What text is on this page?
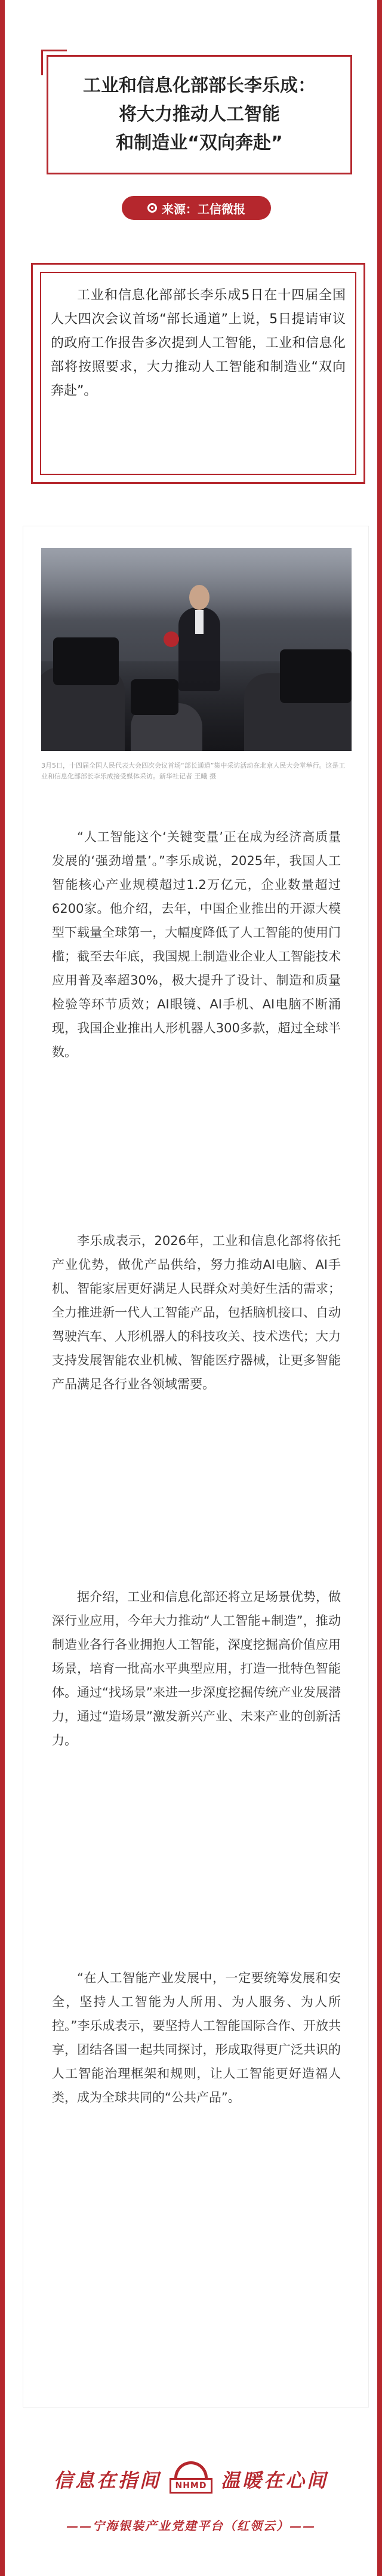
工业和信息化部部长李乐成：
将大力推动人工智能
和制造业“双向奔赴”
来源：工信微报
工业和信息化部部长李乐成5日在十四届全国人大四次会议首场“部长通道”上说，5日提请审议的政府工作报告多次提到人工智能，工业和信息化部将按照要求，大力推动人工智能和制造业“双向奔赴”。
3月5日，十四届全国人民代表大会四次会议首场“部长通道”集中采访活动在北京人民大会堂举行。这是工业和信息化部部长李乐成接受媒体采访。新华社记者 王曦 摄
“人工智能这个‘关键变量’正在成为经济高质量发展的‘强劲增量’。”李乐成说，2025年，我国人工智能核心产业规模超过1.2万亿元，企业数量超过6200家。他介绍，去年，中国企业推出的开源大模型下载量全球第一，大幅度降低了人工智能的使用门槛；截至去年底，我国规上制造业企业人工智能技术应用普及率超30%，极大提升了设计、制造和质量检验等环节质效；AI眼镜、AI手机、AI电脑不断涌现，我国企业推出人形机器人300多款，超过全球半数。
李乐成表示，2026年，工业和信息化部将依托产业优势，做优产品供给，努力推动AI电脑、AI手机、智能家居更好满足人民群众对美好生活的需求；全力推进新一代人工智能产品，包括脑机接口、自动驾驶汽车、人形机器人的科技攻关、技术迭代；大力支持发展智能农业机械、智能医疗器械，让更多智能产品满足各行业各领域需要。
据介绍，工业和信息化部还将立足场景优势，做深行业应用，今年大力推动“人工智能+制造”，推动制造业各行各业拥抱人工智能，深度挖掘高价值应用场景，培育一批高水平典型应用，打造一批特色智能体。通过“找场景”来进一步深度挖掘传统产业发展潜力，通过“造场景”激发新兴产业、未来产业的创新活力。
“在人工智能产业发展中，一定要统筹发展和安全，坚持人工智能为人所用、为人服务、为人所控。”李乐成表示，要坚持人工智能国际合作、开放共享，团结各国一起共同探讨，形成取得更广泛共识的人工智能治理框架和规则，让人工智能更好造福人类，成为全球共同的“公共产品”。
信息在指间	NHMD 温暖在心间
——宁海银装产业党建平台（红领云）——
